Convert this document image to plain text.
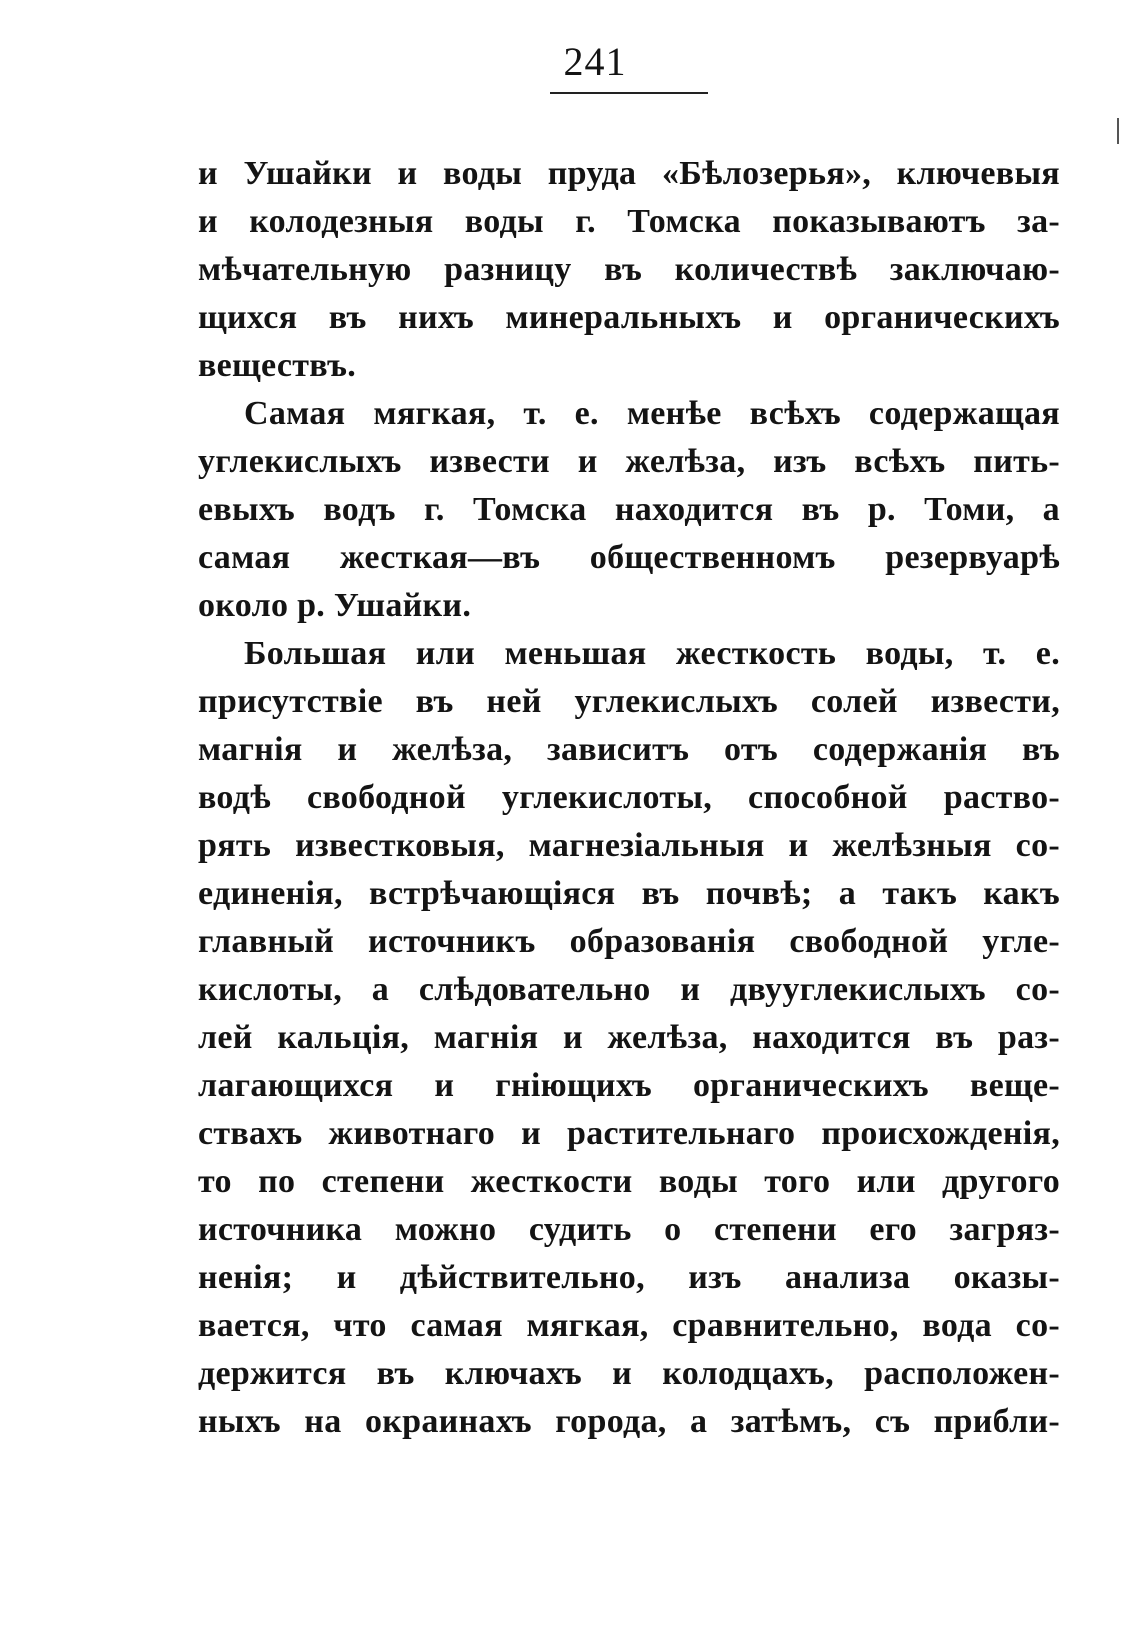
241
и Ушайки и воды пруда «Бѣлозерья», ключевыя
и колодезныя воды г. Томска показываютъ за-
мѣчательную разницу въ количествѣ заключаю-
щихся въ нихъ минеральныхъ и органическихъ
веществъ.
Самая мягкая, т. е. менѣе всѣхъ содержащая
углекислыхъ извести и желѣза, изъ всѣхъ пить-
евыхъ водъ г. Томска находится въ р. Томи, а
самая жесткая—въ общественномъ резервуарѣ
около р. Ушайки.
Большая или меньшая жесткость воды, т. е.
присутствіе въ ней углекислыхъ солей извести,
магнія и желѣза, зависитъ отъ содержанія въ
водѣ свободной углекислоты, способной раство-
рять известковыя, магнезіальныя и желѣзныя со-
единенія, встрѣчающіяся въ почвѣ; а такъ какъ
главный источникъ образованія свободной угле-
кислоты, а слѣдовательно и двууглекислыхъ со-
лей кальція, магнія и желѣза, находится въ раз-
лагающихся и гніющихъ органическихъ веще-
ствахъ животнаго и растительнаго происхожденія,
то по степени жесткости воды того или другого
источника можно судить о степени его загряз-
ненія; и дѣйствительно, изъ анализа оказы-
вается, что самая мягкая, сравнительно, вода со-
держится въ ключахъ и колодцахъ, расположен-
ныхъ на окраинахъ города, а затѣмъ, съ прибли-
